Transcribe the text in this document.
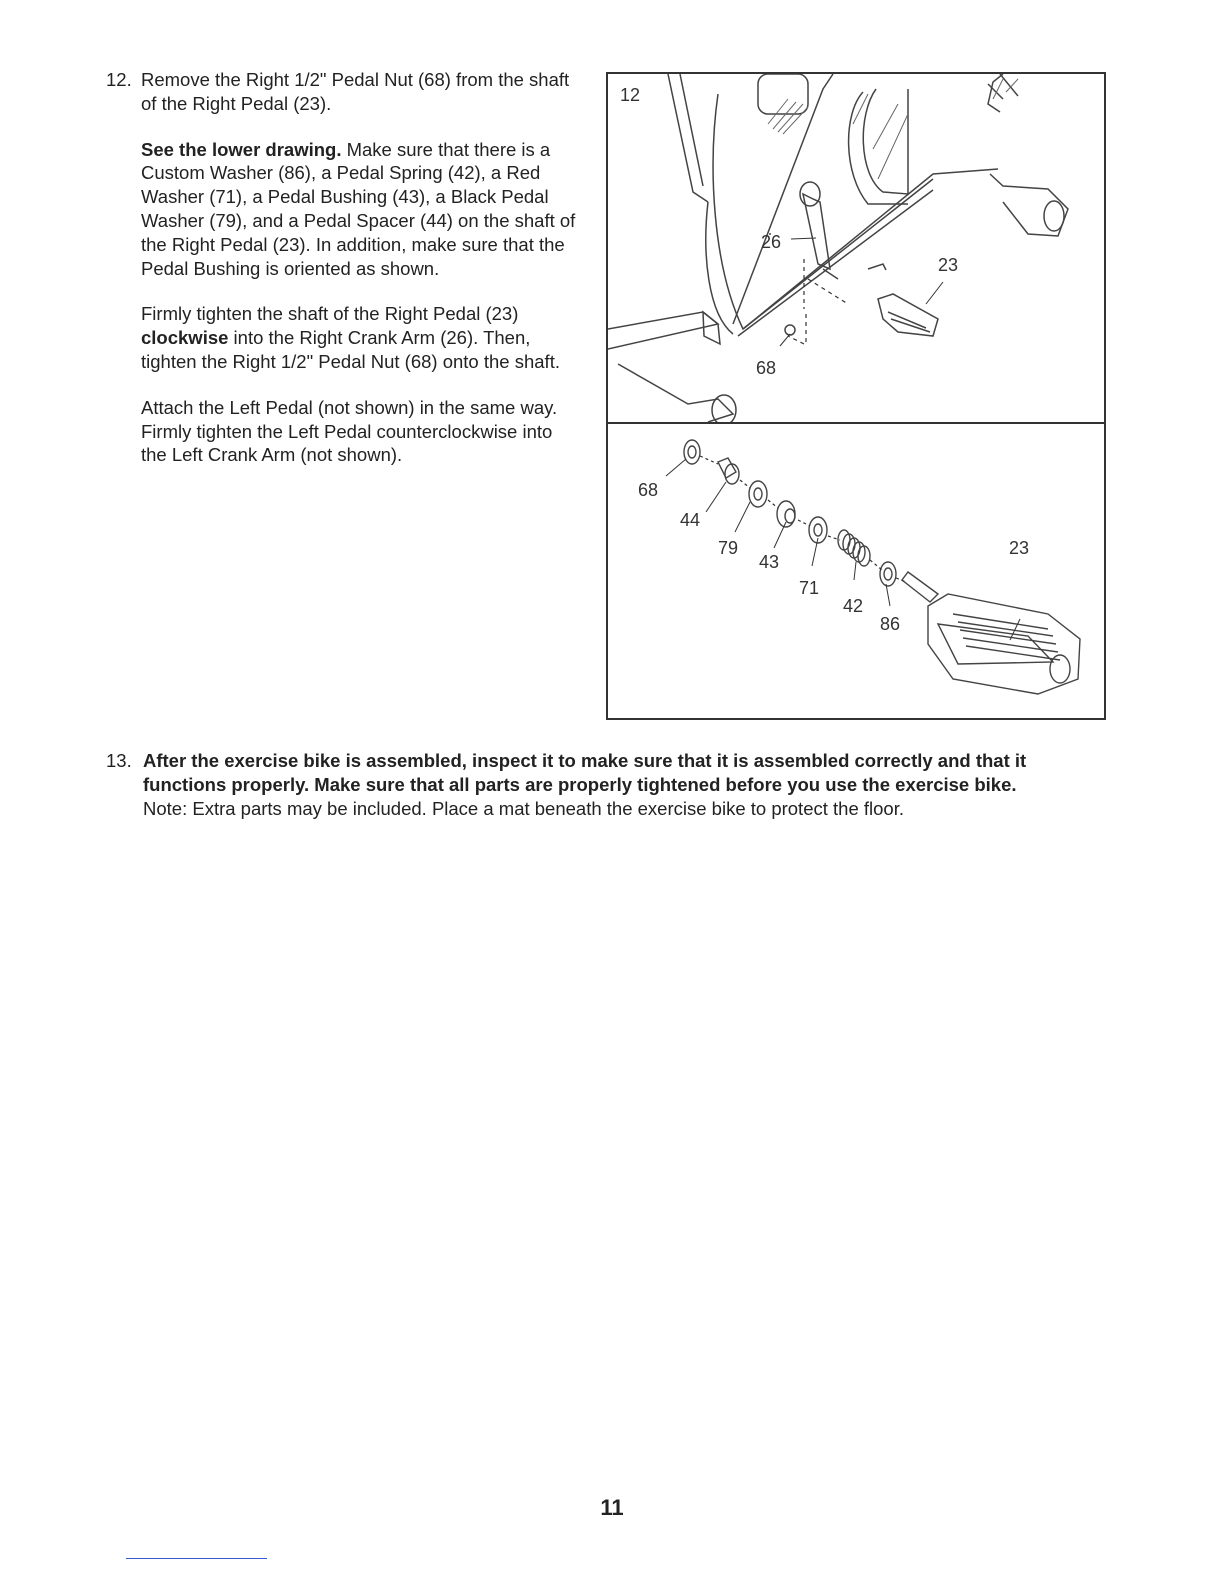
12. Remove the Right 1/2" Pedal Nut (68) from the shaft of the Right Pedal (23).

See the lower drawing. Make sure that there is a Custom Washer (86), a Pedal Spring (42), a Red Washer (71), a Pedal Bushing (43), a Black Pedal Washer (79), and a Pedal Spacer (44) on the shaft of the Right Pedal (23). In addition, make sure that the Pedal Bushing is oriented as shown.

Firmly tighten the shaft of the Right Pedal (23) clockwise into the Right Crank Arm (26). Then, tighten the Right 1/2" Pedal Nut (68) onto the shaft.

Attach the Left Pedal (not shown) in the same way. Firmly tighten the Left Pedal counterclockwise into the Left Crank Arm (not shown).

12
26
23
68
68
44
79
43
71
42
86
23
13. After the exercise bike is assembled, inspect it to make sure that it is assembled correctly and that it functions properly. Make sure that all parts are properly tightened before you use the exercise bike.
Note: Extra parts may be included. Place a mat beneath the exercise bike to protect the floor.
11
